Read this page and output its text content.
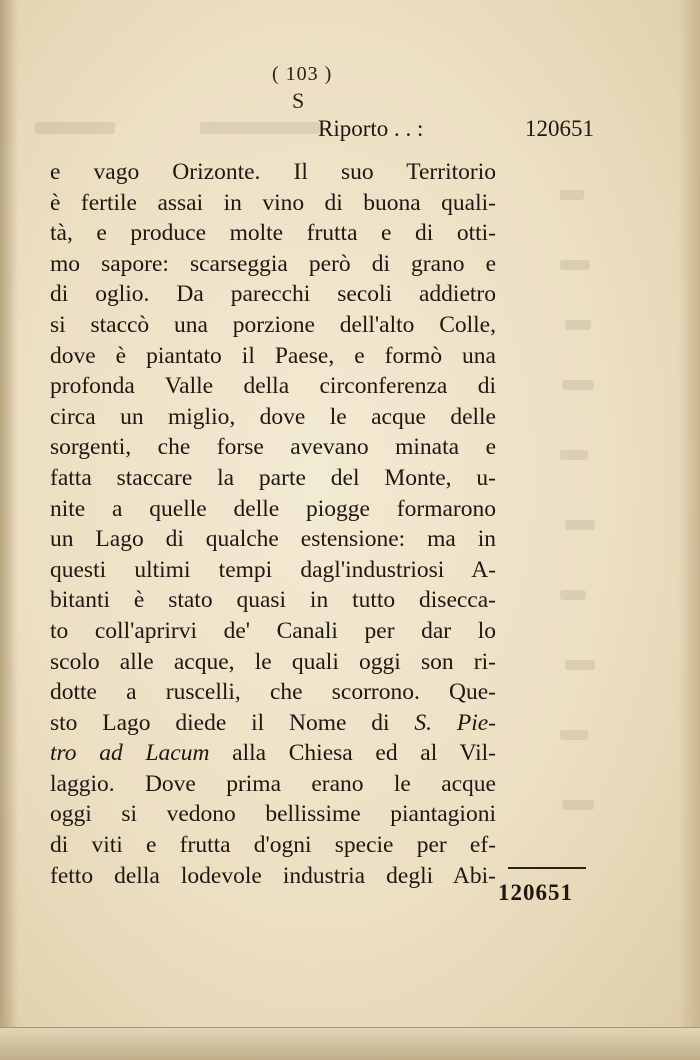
( 103 )
S
Riporto . . :	120651
e vago Orizonte. Il suo Territorio
è fertile assai in vino di buona quali-
tà, e produce molte frutta e di otti-
mo sapore: scarseggia però di grano e
di oglio. Da parecchi secoli addietro
si staccò una porzione dell'alto Colle,
dove è piantato il Paese, e formò una
profonda Valle della circonferenza di
circa un miglio, dove le acque delle
sorgenti, che forse avevano minata e
fatta staccare la parte del Monte, u-
nite a quelle delle piogge formarono
un Lago di qualche estensione: ma in
questi ultimi tempi dagl'industriosi A-
bitanti è stato quasi in tutto disecca-
to coll'aprirvi de' Canali per dar lo
scolo alle acque, le quali oggi son ri-
dotte a ruscelli, che scorrono. Que-
sto Lago diede il Nome di S. Pie-
tro ad Lacum alla Chiesa ed al Vil-
laggio. Dove prima erano le acque
oggi si vedono bellissime piantagioni
di viti e frutta d'ogni specie per ef-
fetto della lodevole industria degli Abi-
120651
